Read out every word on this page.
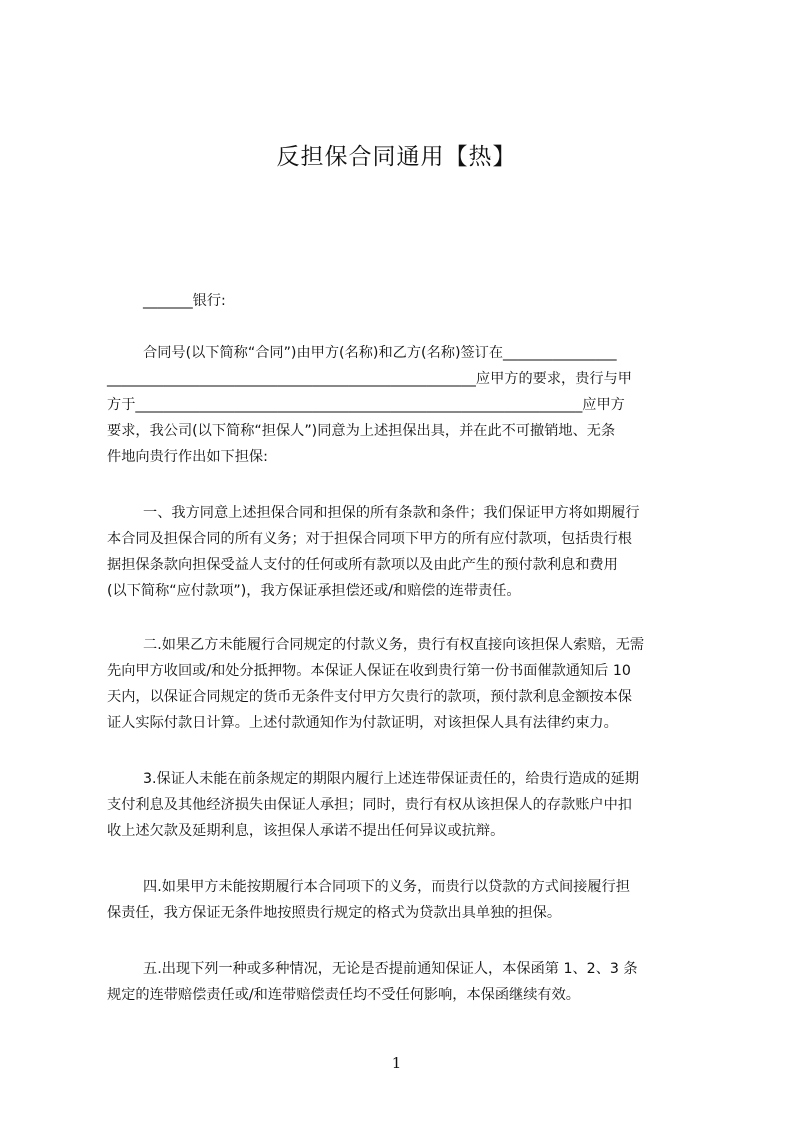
反担保合同通用【热】
_______银行:
合同号(以下简称“合同”)由甲方(名称)和乙方(名称)签订在________________
____________________________________________________应甲方的要求，贵行与甲
方于_______________________________________________________________应甲方
要求，我公司(以下简称“担保人”)同意为上述担保出具，并在此不可撤销地、无条
件地向贵行作出如下担保:
一、我方同意上述担保合同和担保的所有条款和条件；我们保证甲方将如期履行
本合同及担保合同的所有义务；对于担保合同项下甲方的所有应付款项，包括贵行根
据担保条款向担保受益人支付的任何或所有款项以及由此产生的预付款利息和费用
(以下简称“应付款项”)，我方保证承担偿还或/和赔偿的连带责任。
二.如果乙方未能履行合同规定的付款义务，贵行有权直接向该担保人索赔，无需
先向甲方收回或/和处分抵押物。本保证人保证在收到贵行第一份书面催款通知后 10
天内，以保证合同规定的货币无条件支付甲方欠贵行的款项，预付款利息金额按本保
证人实际付款日计算。上述付款通知作为付款证明，对该担保人具有法律约束力。
3.保证人未能在前条规定的期限内履行上述连带保证责任的，给贵行造成的延期
支付利息及其他经济损失由保证人承担；同时，贵行有权从该担保人的存款账户中扣
收上述欠款及延期利息，该担保人承诺不提出任何异议或抗辩。
四.如果甲方未能按期履行本合同项下的义务，而贵行以贷款的方式间接履行担
保责任，我方保证无条件地按照贵行规定的格式为贷款出具单独的担保。
五.出现下列一种或多种情况，无论是否提前通知保证人，本保函第 1、2、3 条
规定的连带赔偿责任或/和连带赔偿责任均不受任何影响，本保函继续有效。
1
